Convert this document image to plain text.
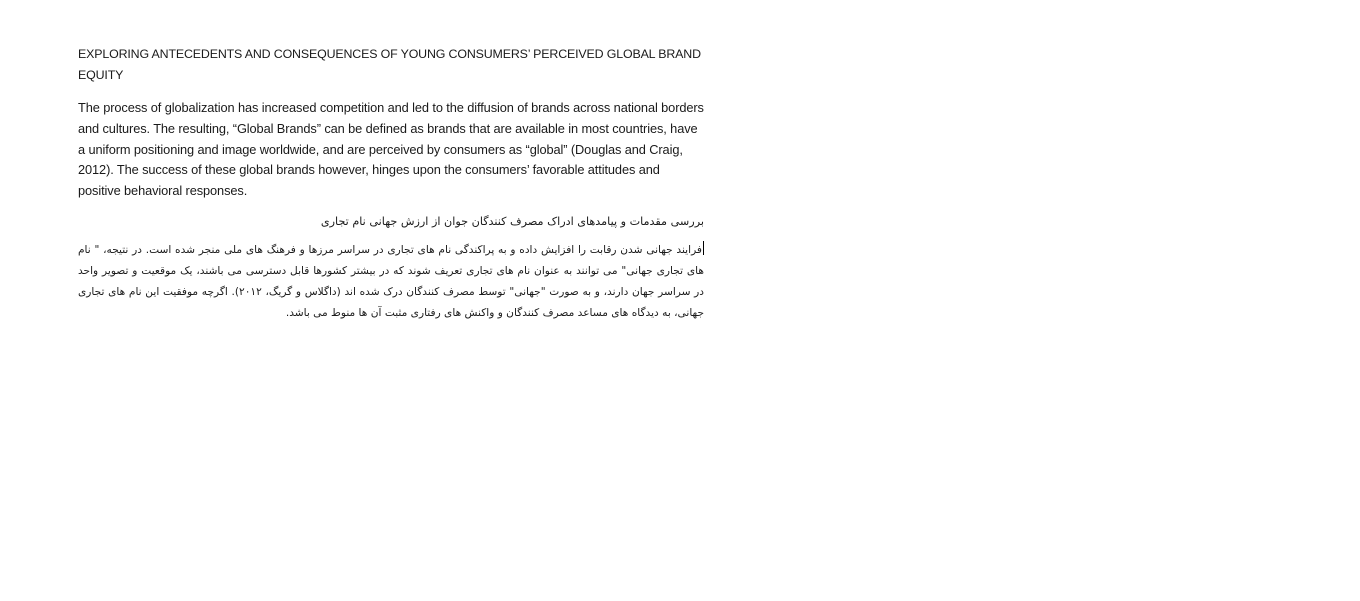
EXPLORING ANTECEDENTS AND CONSEQUENCES OF YOUNG CONSUMERS’ PERCEIVED GLOBAL BRAND EQUITY

The process of globalization has increased competition and led to the diffusion of brands across national borders and cultures. The resulting, “Global Brands” can be defined as brands that are available in most countries, have a uniform positioning and image worldwide, and are perceived by consumers as “global” (Douglas and Craig, 2012). The success of these global brands however, hinges upon the consumers’ favorable attitudes and positive behavioral responses.

بررسی مقدمات و پیامدهای ادراک مصرف کنندگان جوان از ارزش جهانی نام تجاری

فرایند جهانی شدن رقابت را افزایش داده و به پراکندگی نام های تجاری در سراسر مرزها و فرهنگ های ملی منجر شده است. در نتیجه، " نام های تجاری جهانی" می توانند به عنوان نام های تجاری تعریف شوند که در بیشتر کشورها قابل دسترسی می باشند، یک موقعیت و تصویر واحد در سراسر جهان دارند، و به صورت "جهانی" توسط مصرف کنندگان درک شده اند (داگلاس و گریگ، ۲۰۱۲). اگرچه موفقیت این نام های تجاری جهانی، به دیدگاه های مساعد مصرف کنندگان و واکنش های رفتاری مثبت آن ها منوط می باشد.
